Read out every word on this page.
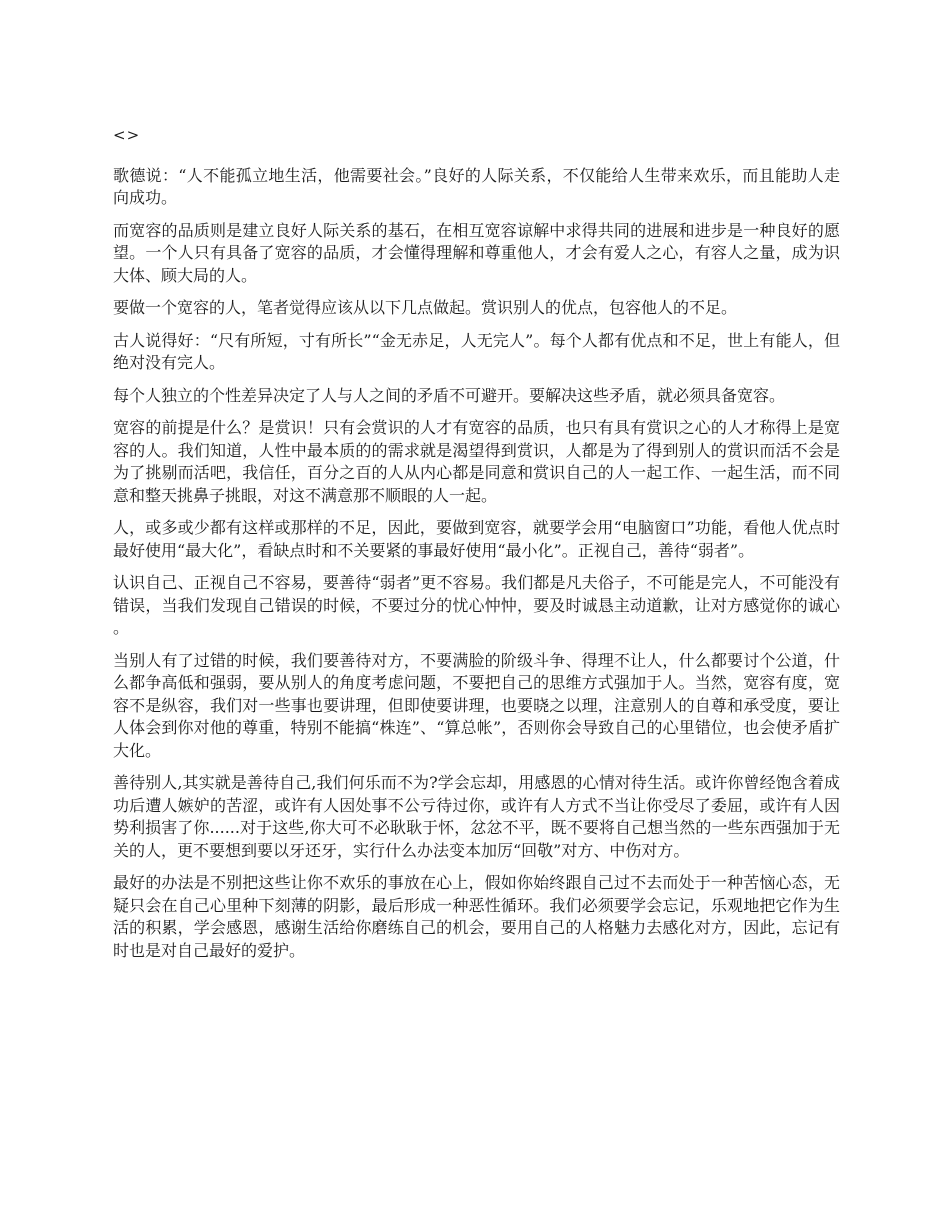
<>

歌德说：“人不能孤立地生活，他需要社会。”良好的人际关系，不仅能给人生带来欢乐，而且能助人走向成功。

而宽容的品质则是建立良好人际关系的基石，在相互宽容谅解中求得共同的进展和进步是一种良好的愿望。一个人只有具备了宽容的品质，才会懂得理解和尊重他人，才会有爱人之心，有容人之量，成为识大体、顾大局的人。

要做一个宽容的人，笔者觉得应该从以下几点做起。赏识别人的优点，包容他人的不足。

古人说得好：“尺有所短，寸有所长”“金无赤足，人无完人”。每个人都有优点和不足，世上有能人，但绝对没有完人。

每个人独立的个性差异决定了人与人之间的矛盾不可避开。要解决这些矛盾，就必须具备宽容。

宽容的前提是什么？是赏识！只有会赏识的人才有宽容的品质，也只有具有赏识之心的人才称得上是宽容的人。我们知道，人性中最本质的的需求就是渴望得到赏识，人都是为了得到别人的赏识而活不会是为了挑剔而活吧，我信任，百分之百的人从内心都是同意和赏识自己的人一起工作、一起生活，而不同意和整天挑鼻子挑眼，对这不满意那不顺眼的人一起。

人，或多或少都有这样或那样的不足，因此，要做到宽容，就要学会用“电脑窗口”功能，看他人优点时最好使用“最大化”，看缺点时和不关要紧的事最好使用“最小化”。正视自己，善待“弱者”。

认识自己、正视自己不容易，要善待“弱者”更不容易。我们都是凡夫俗子，不可能是完人，不可能没有错误，当我们发现自己错误的时候，不要过分的忧心忡忡，要及时诚恳主动道歉，让对方感觉你的诚心。

当别人有了过错的时候，我们要善待对方，不要满脸的阶级斗争、得理不让人，什么都要讨个公道，什么都争高低和强弱，要从别人的角度考虑问题，不要把自己的思维方式强加于人。当然，宽容有度，宽容不是纵容，我们对一些事也要讲理，但即使要讲理，也要晓之以理，注意别人的自尊和承受度，要让人体会到你对他的尊重，特别不能搞“株连”、“算总帐”，否则你会导致自己的心里错位，也会使矛盾扩大化。

善待别人,其实就是善待自己,我们何乐而不为?学会忘却，用感恩的心情对待生活。或许你曾经饱含着成功后遭人嫉妒的苦涩，或许有人因处事不公亏待过你，或许有人方式不当让你受尽了委屈，或许有人因势利损害了你......对于这些,你大可不必耿耿于怀，忿忿不平，既不要将自己想当然的一些东西强加于无关的人，更不要想到要以牙还牙，实行什么办法变本加厉“回敬”对方、中伤对方。

最好的办法是不别把这些让你不欢乐的事放在心上，假如你始终跟自己过不去而处于一种苦恼心态，无疑只会在自己心里种下刻薄的阴影，最后形成一种恶性循环。我们必须要学会忘记，乐观地把它作为生活的积累，学会感恩，感谢生活给你磨练自己的机会，要用自己的人格魅力去感化对方，因此，忘记有时也是对自己最好的爱护。
